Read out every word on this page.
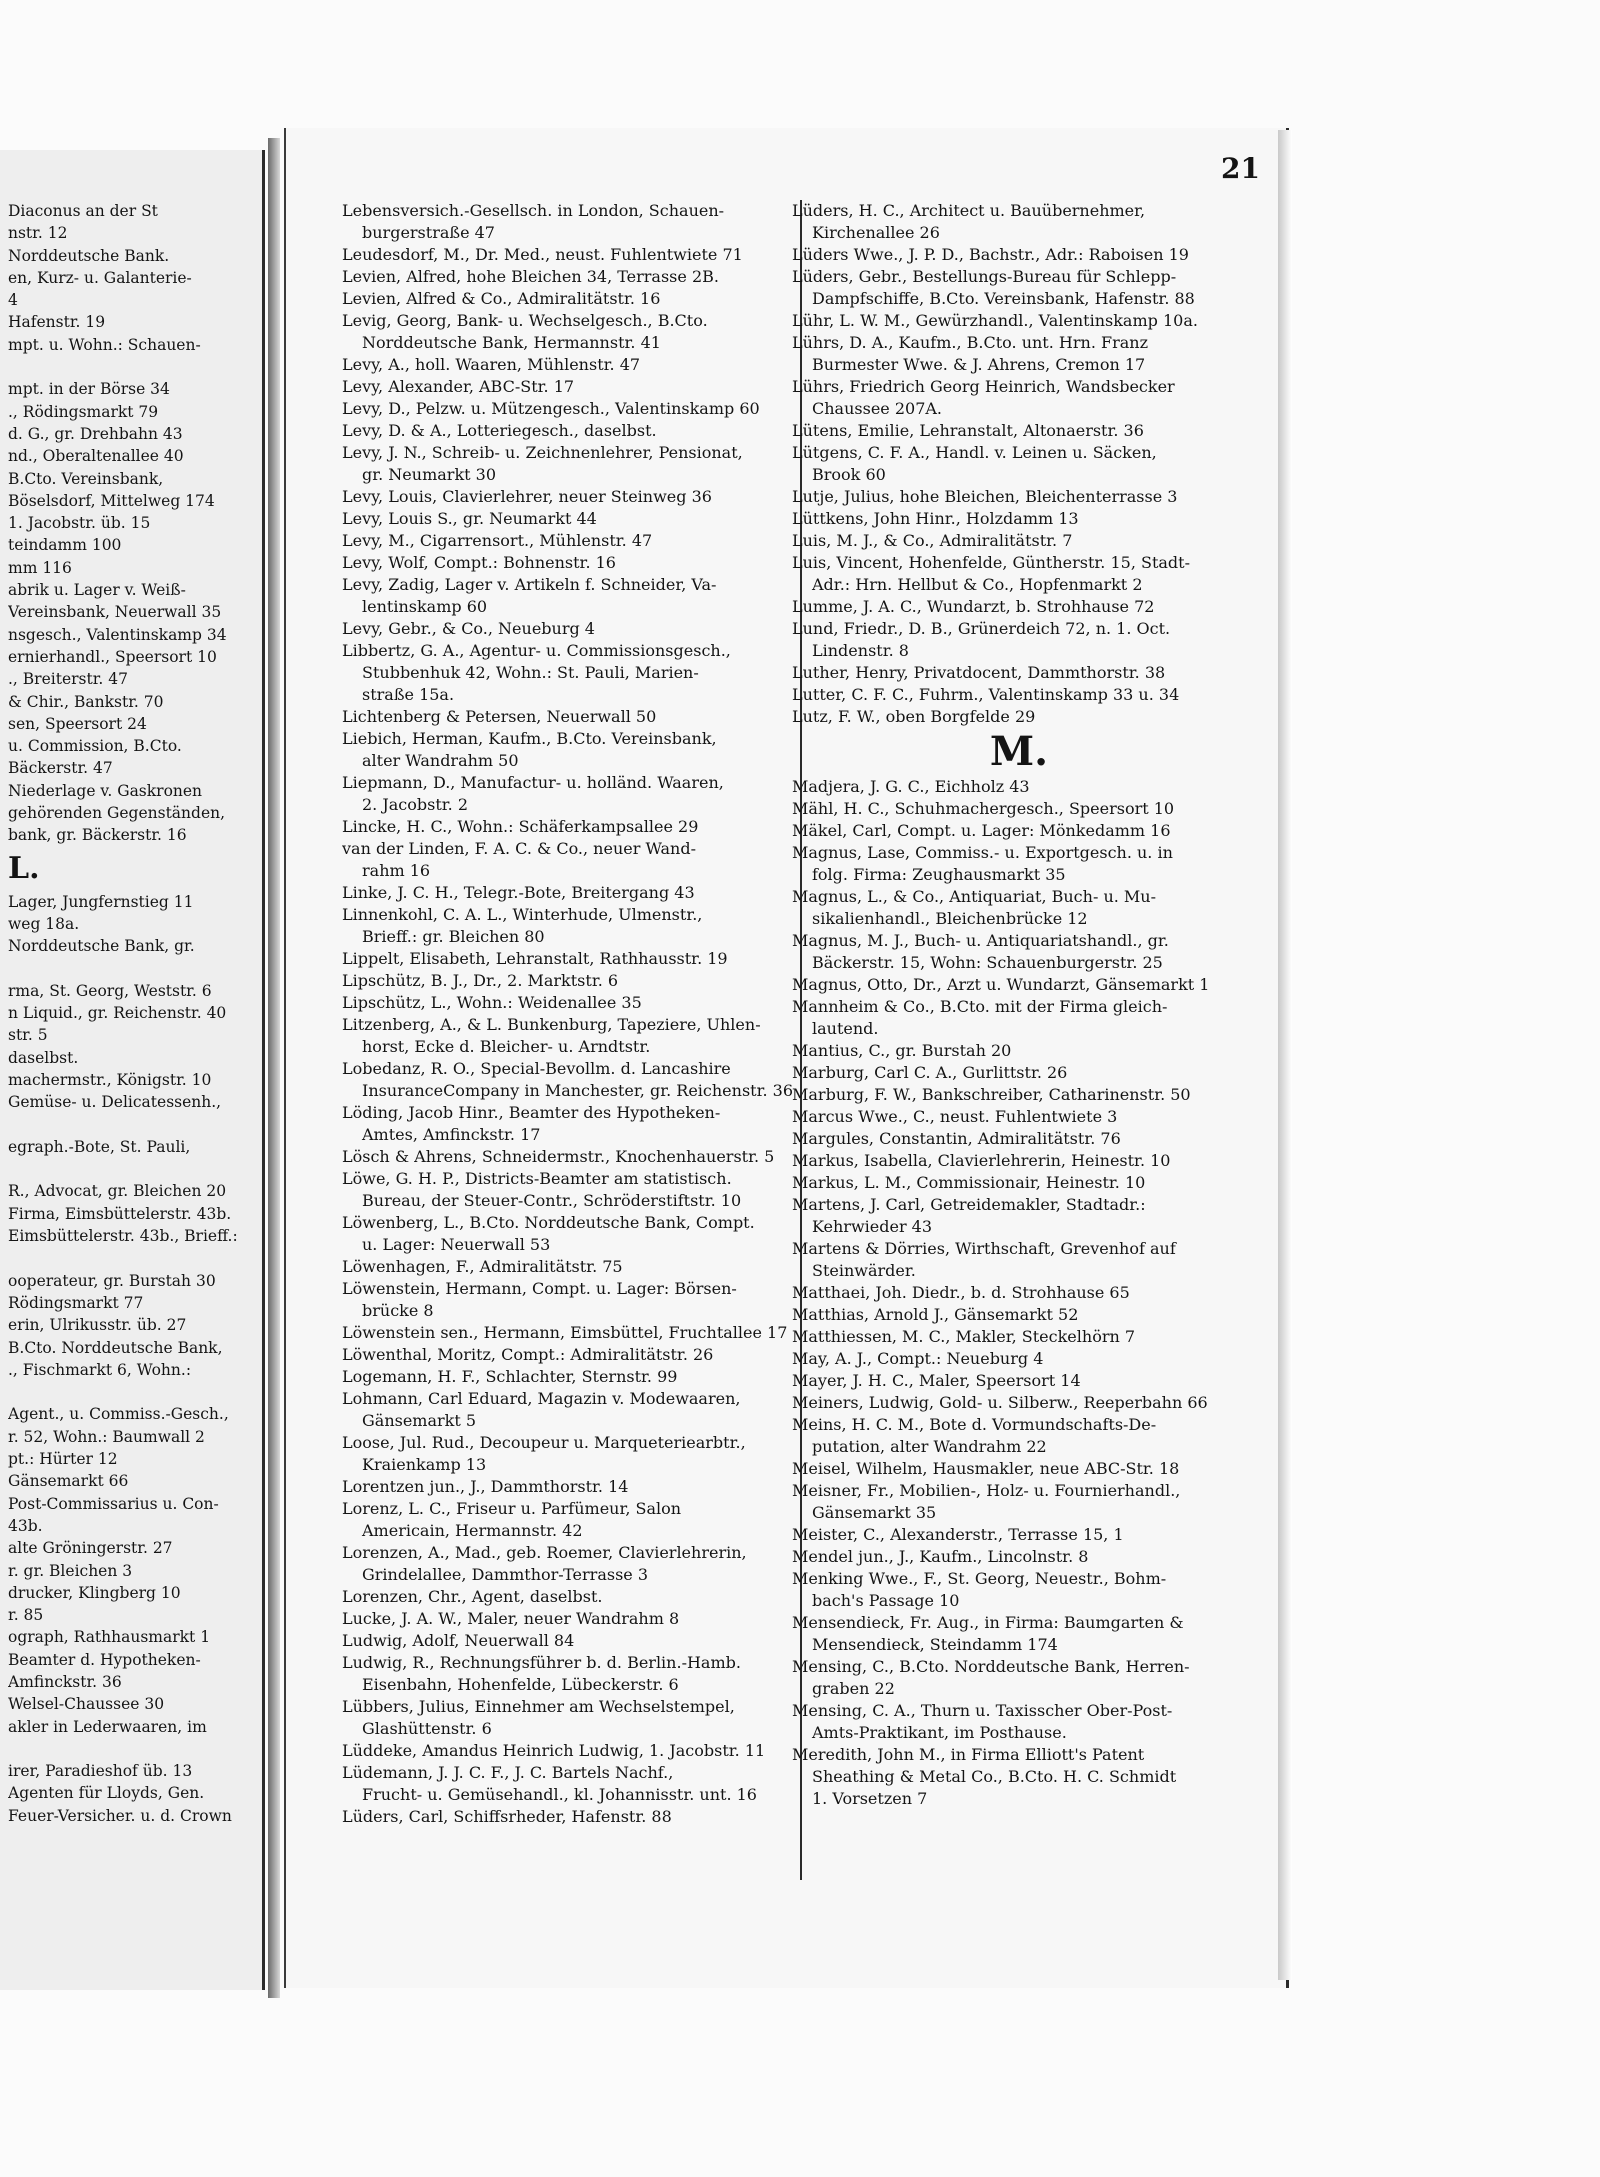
Diaconus an der St
nstr. 12
Norddeutsche Bank.
en, Kurz- u. Galanterie-
4
Hafenstr. 19
mpt. u. Wohn.: Schauen-
mpt. in der Börse 34
., Rödingsmarkt 79
d. G., gr. Drehbahn 43
nd., Oberaltenallee 40
B.Cto. Vereinsbank,
Böselsdorf, Mittelweg 174
1. Jacobstr. üb. 15
teindamm 100
mm 116
abrik u. Lager v. Weiß-
Vereinsbank, Neuerwall 35
nsgesch., Valentinskamp 34
ernierhandl., Speersort 10
., Breiterstr. 47
& Chir., Bankstr. 70
sen, Speersort 24
u. Commission, B.Cto.
Bäckerstr. 47
Niederlage v. Gaskronen
gehörenden Gegenständen,
bank, gr. Bäckerstr. 16
L.
Lager, Jungfernstieg 11
weg 18a.
Norddeutsche Bank, gr.
rma, St. Georg, Weststr. 6
n Liquid., gr. Reichenstr. 40
str. 5
daselbst.
machermstr., Königstr. 10
Gemüse- u. Delicatessenh.,
egraph.-Bote, St. Pauli,
R., Advocat, gr. Bleichen 20
Firma, Eimsbüttelerstr. 43b.
Eimsbüttelerstr. 43b., Brieff.:
ooperateur, gr. Burstah 30
Rödingsmarkt 77
erin, Ulrikusstr. üb. 27
B.Cto. Norddeutsche Bank,
., Fischmarkt 6, Wohn.:
Agent., u. Commiss.-Gesch.,
r. 52, Wohn.: Baumwall 2
pt.: Hürter 12
Gänsemarkt 66
Post-Commissarius u. Con-
43b.
alte Gröningerstr. 27
r. gr. Bleichen 3
drucker, Klingberg 10
r. 85
ograph, Rathhausmarkt 1
Beamter d. Hypotheken-
Amfinckstr. 36
Welsel-Chaussee 30
akler in Lederwaaren, im
irer, Paradieshof üb. 13
Agenten für Lloyds, Gen.
Feuer-Versicher. u. d. Crown
21
Lebensversich.-Gesellsch. in London, Schauen-
burgerstraße 47
Leudesdorf, M., Dr. Med., neust. Fuhlentwiete 71
Levien, Alfred, hohe Bleichen 34, Terrasse 2B.
Levien, Alfred & Co., Admiralitätstr. 16
Levig, Georg, Bank- u. Wechselgesch., B.Cto.
Norddeutsche Bank, Hermannstr. 41
Levy, A., holl. Waaren, Mühlenstr. 47
Levy, Alexander, ABC-Str. 17
Levy, D., Pelzw. u. Mützengesch., Valentinskamp 60
Levy, D. & A., Lotteriegesch., daselbst.
Levy, J. N., Schreib- u. Zeichnenlehrer, Pensionat,
gr. Neumarkt 30
Levy, Louis, Clavierlehrer, neuer Steinweg 36
Levy, Louis S., gr. Neumarkt 44
Levy, M., Cigarrensort., Mühlenstr. 47
Levy, Wolf, Compt.: Bohnenstr. 16
Levy, Zadig, Lager v. Artikeln f. Schneider, Va-
lentinskamp 60
Levy, Gebr., & Co., Neueburg 4
Libbertz, G. A., Agentur- u. Commissionsgesch.,
Stubbenhuk 42, Wohn.: St. Pauli, Marien-
straße 15a.
Lichtenberg & Petersen, Neuerwall 50
Liebich, Herman, Kaufm., B.Cto. Vereinsbank,
alter Wandrahm 50
Liepmann, D., Manufactur- u. holländ. Waaren,
2. Jacobstr. 2
Lincke, H. C., Wohn.: Schäferkampsallee 29
van der Linden, F. A. C. & Co., neuer Wand-
rahm 16
Linke, J. C. H., Telegr.-Bote, Breitergang 43
Linnenkohl, C. A. L., Winterhude, Ulmenstr.,
Brieff.: gr. Bleichen 80
Lippelt, Elisabeth, Lehranstalt, Rathhausstr. 19
Lipschütz, B. J., Dr., 2. Marktstr. 6
Lipschütz, L., Wohn.: Weidenallee 35
Litzenberg, A., & L. Bunkenburg, Tapeziere, Uhlen-
horst, Ecke d. Bleicher- u. Arndtstr.
Lobedanz, R. O., Special-Bevollm. d. Lancashire
InsuranceCompany in Manchester, gr. Reichenstr. 36
Löding, Jacob Hinr., Beamter des Hypotheken-
Amtes, Amfinckstr. 17
Lösch & Ahrens, Schneidermstr., Knochenhauerstr. 5
Löwe, G. H. P., Districts-Beamter am statistisch.
Bureau, der Steuer-Contr., Schröderstiftstr. 10
Löwenberg, L., B.Cto. Norddeutsche Bank, Compt.
u. Lager: Neuerwall 53
Löwenhagen, F., Admiralitätstr. 75
Löwenstein, Hermann, Compt. u. Lager: Börsen-
brücke 8
Löwenstein sen., Hermann, Eimsbüttel, Fruchtallee 17
Löwenthal, Moritz, Compt.: Admiralitätstr. 26
Logemann, H. F., Schlachter, Sternstr. 99
Lohmann, Carl Eduard, Magazin v. Modewaaren,
Gänsemarkt 5
Loose, Jul. Rud., Decoupeur u. Marqueteriearbtr.,
Kraienkamp 13
Lorentzen jun., J., Dammthorstr. 14
Lorenz, L. C., Friseur u. Parfümeur, Salon
Americain, Hermannstr. 42
Lorenzen, A., Mad., geb. Roemer, Clavierlehrerin,
Grindelallee, Dammthor-Terrasse 3
Lorenzen, Chr., Agent, daselbst.
Lucke, J. A. W., Maler, neuer Wandrahm 8
Ludwig, Adolf, Neuerwall 84
Ludwig, R., Rechnungsführer b. d. Berlin.-Hamb.
Eisenbahn, Hohenfelde, Lübeckerstr. 6
Lübbers, Julius, Einnehmer am Wechselstempel,
Glashüttenstr. 6
Lüddeke, Amandus Heinrich Ludwig, 1. Jacobstr. 11
Lüdemann, J. J. C. F., J. C. Bartels Nachf.,
Frucht- u. Gemüsehandl., kl. Johannisstr. unt. 16
Lüders, Carl, Schiffsrheder, Hafenstr. 88
Lüders, H. C., Architect u. Bauübernehmer,
Kirchenallee 26
Lüders Wwe., J. P. D., Bachstr., Adr.: Raboisen 19
Lüders, Gebr., Bestellungs-Bureau für Schlepp-
Dampfschiffe, B.Cto. Vereinsbank, Hafenstr. 88
Lühr, L. W. M., Gewürzhandl., Valentinskamp 10a.
Lührs, D. A., Kaufm., B.Cto. unt. Hrn. Franz
Burmester Wwe. & J. Ahrens, Cremon 17
Lührs, Friedrich Georg Heinrich, Wandsbecker
Chaussee 207A.
Lütens, Emilie, Lehranstalt, Altonaerstr. 36
Lütgens, C. F. A., Handl. v. Leinen u. Säcken,
Brook 60
Lutje, Julius, hohe Bleichen, Bleichenterrasse 3
Lüttkens, John Hinr., Holzdamm 13
Luis, M. J., & Co., Admiralitätstr. 7
Luis, Vincent, Hohenfelde, Güntherstr. 15, Stadt-
Adr.: Hrn. Hellbut & Co., Hopfenmarkt 2
Lumme, J. A. C., Wundarzt, b. Strohhause 72
Lund, Friedr., D. B., Grünerdeich 72, n. 1. Oct.
Lindenstr. 8
Luther, Henry, Privatdocent, Dammthorstr. 38
Lutter, C. F. C., Fuhrm., Valentinskamp 33 u. 34
Lutz, F. W., oben Borgfelde 29
M.
Madjera, J. G. C., Eichholz 43
Mähl, H. C., Schuhmachergesch., Speersort 10
Mäkel, Carl, Compt. u. Lager: Mönkedamm 16
Magnus, Lase, Commiss.- u. Exportgesch. u. in
folg. Firma: Zeughausmarkt 35
Magnus, L., & Co., Antiquariat, Buch- u. Mu-
sikalienhandl., Bleichenbrücke 12
Magnus, M. J., Buch- u. Antiquariatshandl., gr.
Bäckerstr. 15, Wohn: Schauenburgerstr. 25
Magnus, Otto, Dr., Arzt u. Wundarzt, Gänsemarkt 1
Mannheim & Co., B.Cto. mit der Firma gleich-
lautend.
Mantius, C., gr. Burstah 20
Marburg, Carl C. A., Gurlittstr. 26
Marburg, F. W., Bankschreiber, Catharinenstr. 50
Marcus Wwe., C., neust. Fuhlentwiete 3
Margules, Constantin, Admiralitätstr. 76
Markus, Isabella, Clavierlehrerin, Heinestr. 10
Markus, L. M., Commissionair, Heinestr. 10
Martens, J. Carl, Getreidemakler, Stadtadr.:
Kehrwieder 43
Martens & Dörries, Wirthschaft, Grevenhof auf
Steinwärder.
Matthaei, Joh. Diedr., b. d. Strohhause 65
Matthias, Arnold J., Gänsemarkt 52
Matthiessen, M. C., Makler, Steckelhörn 7
May, A. J., Compt.: Neueburg 4
Mayer, J. H. C., Maler, Speersort 14
Meiners, Ludwig, Gold- u. Silberw., Reeperbahn 66
Meins, H. C. M., Bote d. Vormundschafts-De-
putation, alter Wandrahm 22
Meisel, Wilhelm, Hausmakler, neue ABC-Str. 18
Meisner, Fr., Mobilien-, Holz- u. Fournierhandl.,
Gänsemarkt 35
Meister, C., Alexanderstr., Terrasse 15, 1
Mendel jun., J., Kaufm., Lincolnstr. 8
Menking Wwe., F., St. Georg, Neuestr., Bohm-
bach's Passage 10
Mensendieck, Fr. Aug., in Firma: Baumgarten &
Mensendieck, Steindamm 174
Mensing, C., B.Cto. Norddeutsche Bank, Herren-
graben 22
Mensing, C. A., Thurn u. Taxisscher Ober-Post-
Amts-Praktikant, im Posthause.
Meredith, John M., in Firma Elliott's Patent
Sheathing & Metal Co., B.Cto. H. C. Schmidt
1. Vorsetzen 7
